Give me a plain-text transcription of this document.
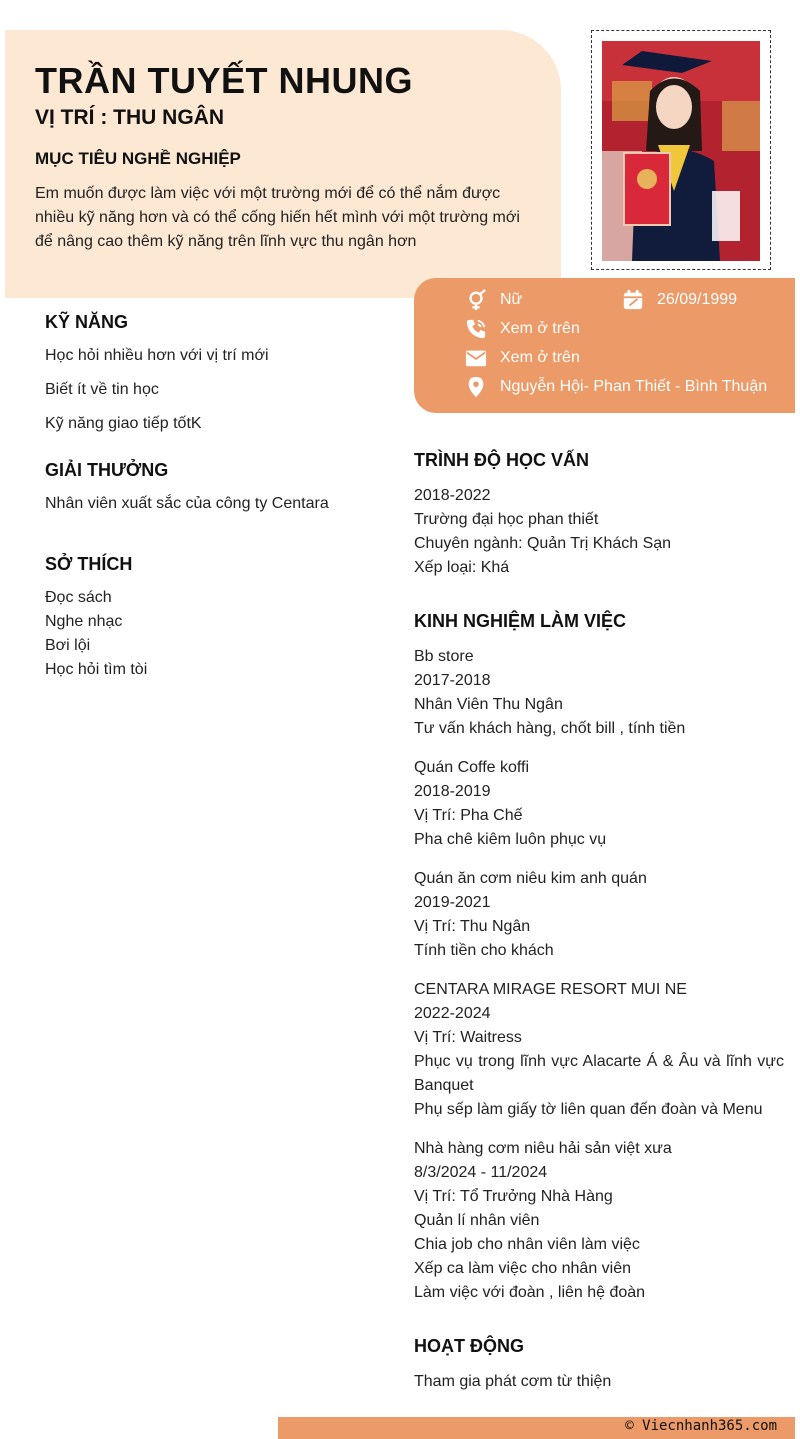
TRẦN TUYẾT NHUNG
VỊ TRÍ : THU NGÂN
MỤC TIÊU NGHỀ NGHIỆP
Em muốn được làm việc với một trường mới để có thể nắm được nhiều kỹ năng hơn và có thể cống hiến hết mình với một trường mới để nâng cao thêm kỹ năng trên lĩnh vực thu ngân hơn
Nữ	26/09/1999
Xem ở trên
Xem ở trên
Nguyễn Hội- Phan Thiết - Bình Thuận
KỸ NĂNG
Học hỏi nhiều hơn với vị trí mới
Biết ít về tin học
Kỹ năng giao tiếp tốtK
GIẢI THƯỞNG
Nhân viên xuất sắc của công ty Centara
SỞ THÍCH
Đọc sách
Nghe nhạc
Bơi lội
Học hỏi tìm tòi
TRÌNH ĐỘ HỌC VẤN
2018-2022
Trường đại học phan thiết
Chuyên ngành: Quản Trị Khách Sạn
Xếp loại: Khá
KINH NGHIỆM LÀM VIỆC
Bb store
2017-2018
Nhân Viên Thu Ngân
Tư vấn khách hàng, chốt bill , tính tiền
Quán Coffe koffi
2018-2019
Vị Trí: Pha Chế
Pha chê kiêm luôn phục vụ
Quán ăn cơm niêu kim anh quán
2019-2021
Vị Trí: Thu Ngân
Tính tiền cho khách
CENTARA MIRAGE RESORT MUI NE
2022-2024
Vị Trí: Waitress
Phục vụ trong lĩnh vực Alacarte Á & Âu và lĩnh vực Banquet
Phụ sếp làm giấy tờ liên quan đến đoàn và Menu
Nhà hàng cơm niêu hải sản việt xưa
8/3/2024 - 11/2024
Vị Trí: Tổ Trưởng Nhà Hàng
Quản lí nhân viên
Chia job cho nhân viên làm việc
Xếp ca làm việc cho nhân viên
Làm việc với đoàn , liên hệ đoàn
HOẠT ĐỘNG
Tham gia phát cơm từ thiện
© Viecnhanh365.com
